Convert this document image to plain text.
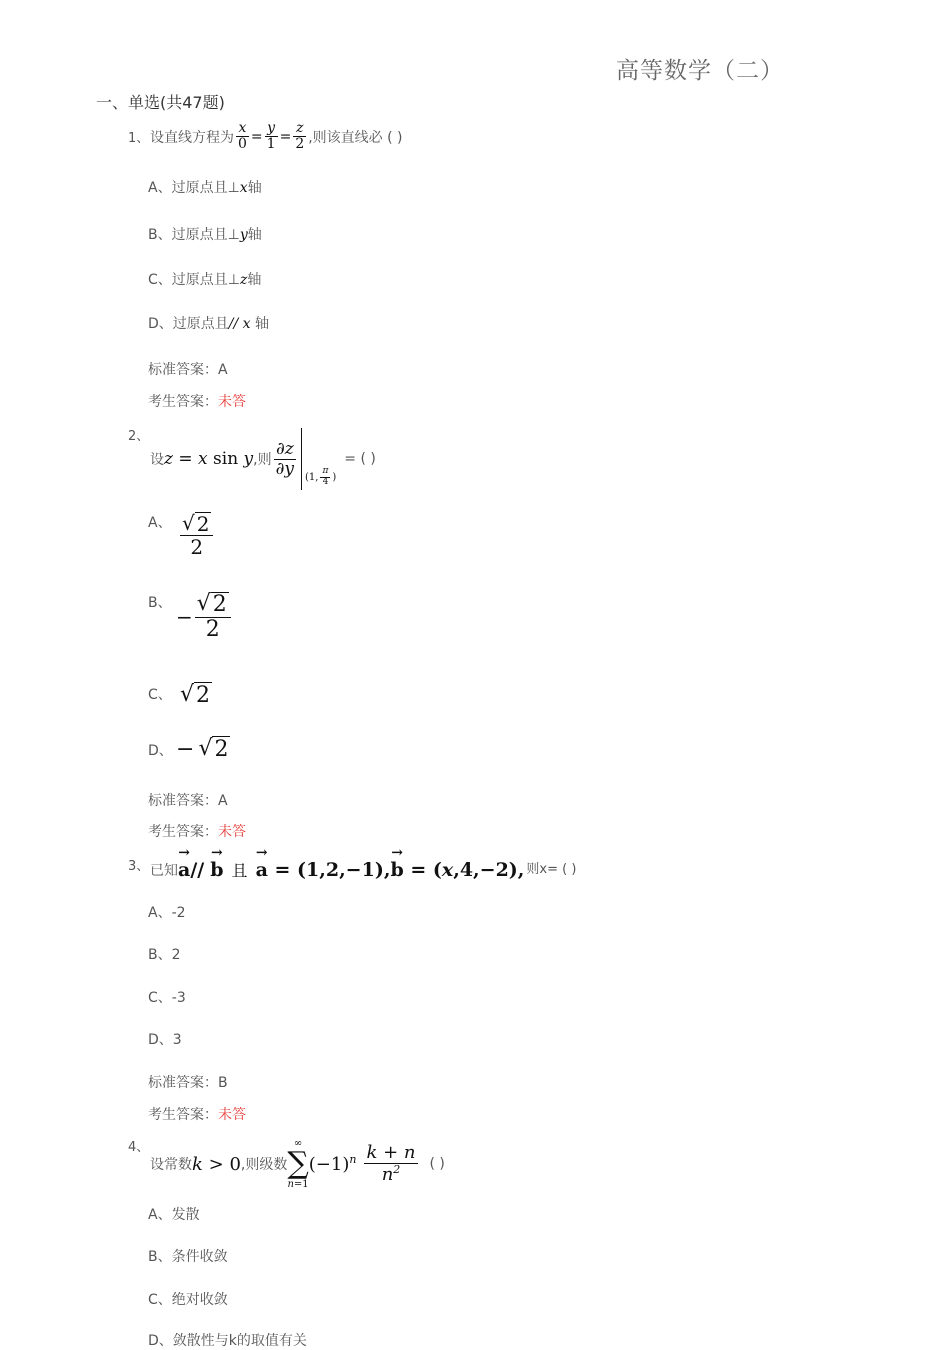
高等数学（二）
一、单选(共47题)
1、 设直线方程为 $\frac{x}{0} = \frac{y}{1} = \frac{z}{2}$ ,则该直线必 ( )
A、过原点且⊥x轴
B、过原点且⊥y轴
C、过原点且⊥z轴
D、过原点且// x 轴
标准答案：A
考生答案：未答
2、
设 z = x sin y ,则 $\frac{\partial z}{\partial y} (1$, $\frac{\pi}{4}$ )
= ( )
A、 $\frac{√ 2}{2}$
B、
− $\frac{√ 2}{2}$
C、 √ 2
D、 − √ 2
标准答案：A
考生答案：未答
3、 已知 → a// → b 且 → a = (1,2,−1),→ b = (x,4,−2), 则x= ( )
A、-2
B、2
C、-3
D、3
标准答案：B
考生答案：未答
4、
设常数 k > 0 ,则级数
∞
∑
n=1
$(-1)^n \frac{k + n}{n^2}$ ( )
A、发散
B、条件收敛
C、绝对收敛
D、敛散性与k的取值有关
